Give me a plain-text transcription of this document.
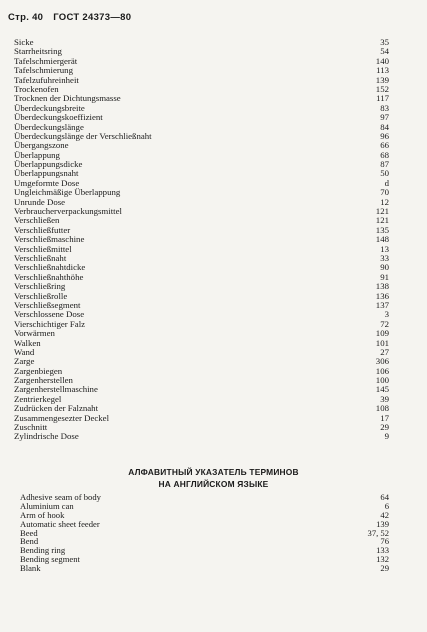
Стр. 40 ГОСТ 24373—80
Sicke	35
Starrheitsring	54
Tafelschmiergerät	140
Tafelschmierung	113
Tafelzufuhreinheit	139
Trockenofen	152
Trocknen der Dichtungsmasse	117
Überdeckungsbreite	83
Überdeckungskoeffizient	97
Überdeckungslänge	84
Überdeckungslänge der Verschließnaht	96
Übergangszone	66
Überlappung	68
Überlappungsdicke	87
Überlappungsnaht	50
Umgeformte Dose	d
Ungleichmäßige Überlappung	70
Unrunde Dose	12
Verbraucherverpackungsmittel	121
Verschließen	121
Verschließfutter	135
Verschließmaschine	148
Verschließmittel	13
Verschließnaht	33
Verschließnahtdicke	90
Verschließnahthöhe	91
Verschließring	138
Verschließrolle	136
Verschließsegment	137
Verschlossene Dose	3
Vierschichtiger Falz	72
Vorwärmen	109
Walken	101
Wand	27
Zarge	306
Zargenbiegen	106
Zargenherstellen	100
Zargenherstellmaschine	145
Zentrierkegel	39
Zudrücken der Falznaht	108
Zusammengesezter Deckel	17
Zuschnitt	29
Zylindrische Dose	9
АЛФАВИТНЫЙ УКАЗАТЕЛЬ ТЕРМИНОВ
НА АНГЛИЙСКОМ ЯЗЫКЕ
Adhesive seam of body	64
Aluminium can	6
Arm of hook	42
Automatic sheet feeder	139
Beed	37, 52
Bend	76
Bending ring	133
Bending segment	132
Blank	29
